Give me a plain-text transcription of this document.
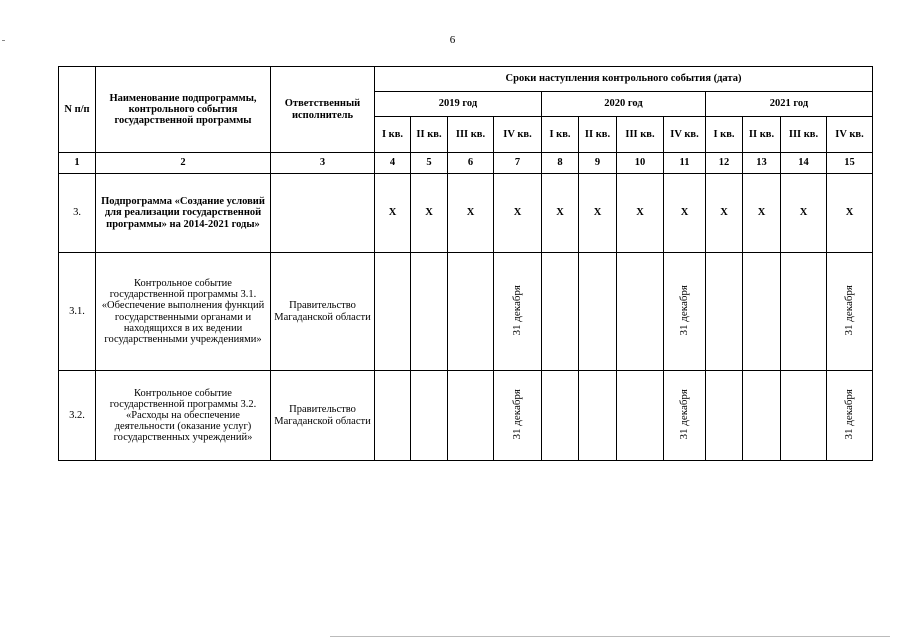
6
N п/п	Наименование подпрограммы, контрольного события государственной программы	Ответственный исполнитель	Сроки наступления контрольного события (дата)											
			2019 год				2020 год				2021 год			
			I кв.	II кв.	III кв.	IV кв.	I кв.	II кв.	III кв.	IV кв.	I кв.	II кв.	III кв.	IV кв.
1	2	3	4	5	6	7	8	9	10	11	12	13	14	15
3.	Подпрограмма «Создание условий для реализации государственной программы» на 2014-2021 годы»		Х	Х	Х	Х	Х	Х	Х	Х	Х	Х	Х	Х
3.1.	Контрольное событие государственной программы 3.1. «Обеспечение выполнения функций государственными органами и находящихся в их ведении государственными учреждениями»	Правительство Магаданской области				31 декабря				31 декабря				31 декабря
3.2.	Контрольное событие государственной программы 3.2. «Расходы на обеспечение деятельности (оказание услуг) государственных учреждений»	Правительство Магаданской области				31 декабря				31 декабря				31 декабря
